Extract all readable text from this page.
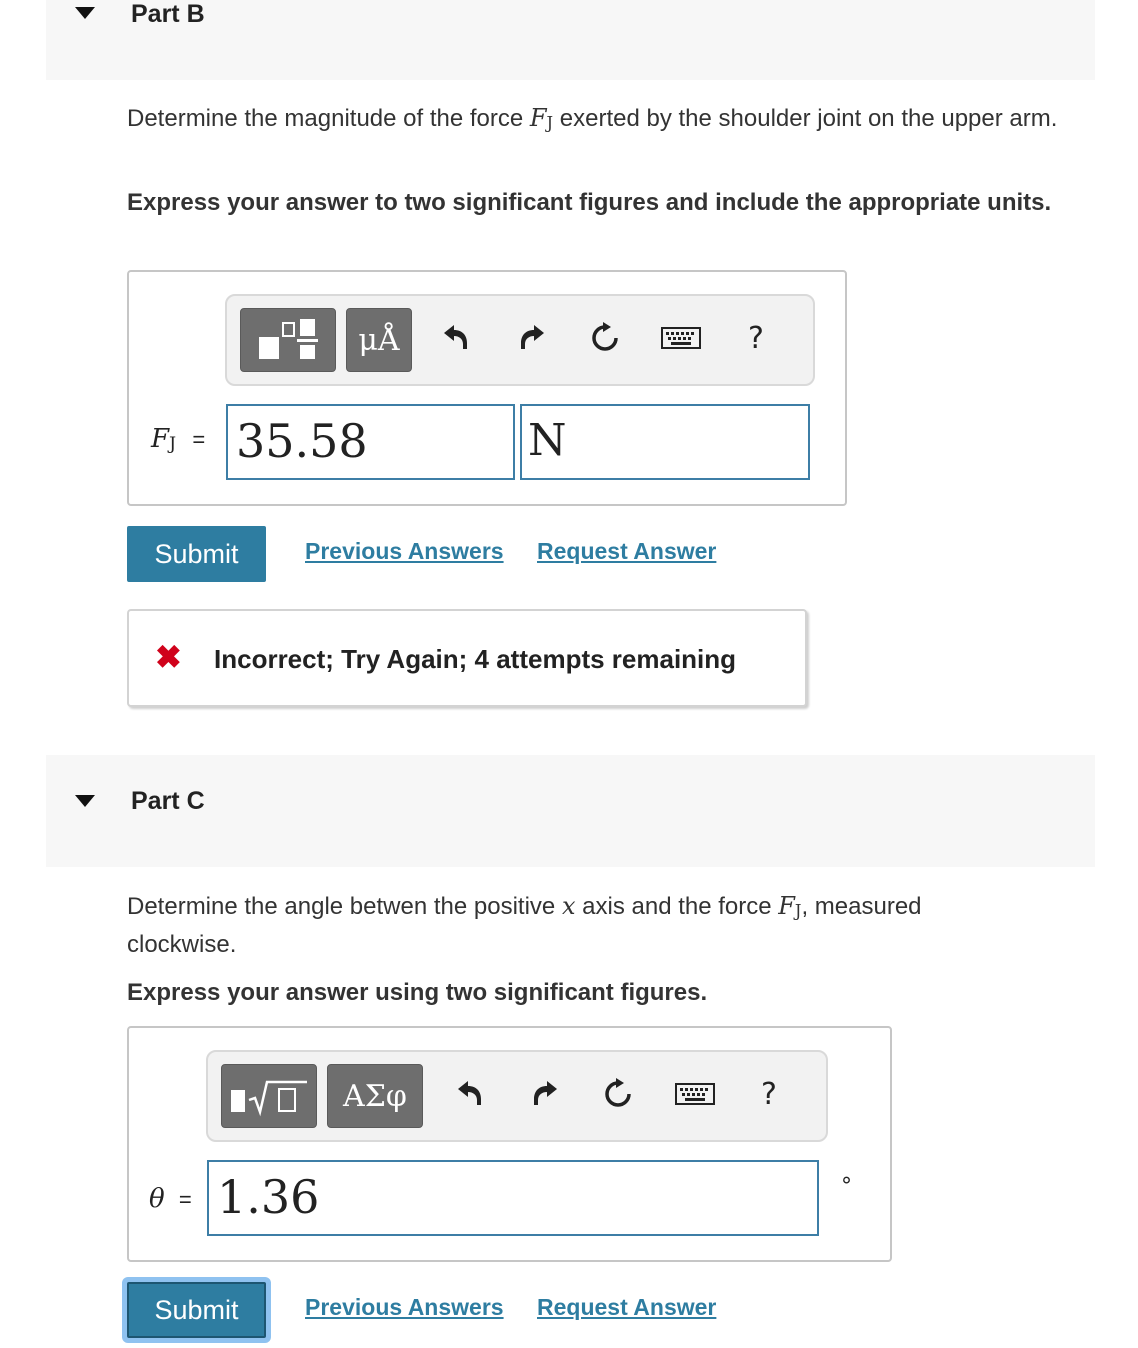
Part B
Determine the magnitude of the force FJ exerted by the shoulder joint on the upper arm.
Express your answer to two significant figures and include the appropriate units.
μÅ	?
FJ = 35.58	N
Submit	Previous Answers Request Answer
✖ Incorrect; Try Again; 4 attempts remaining
Part C
Determine the angle betwen the positive x axis and the force FJ, measured clockwise.
Express your answer using two significant figures.
ΑΣφ	?
θ = 1.36	°
Submit	Previous Answers Request Answer
